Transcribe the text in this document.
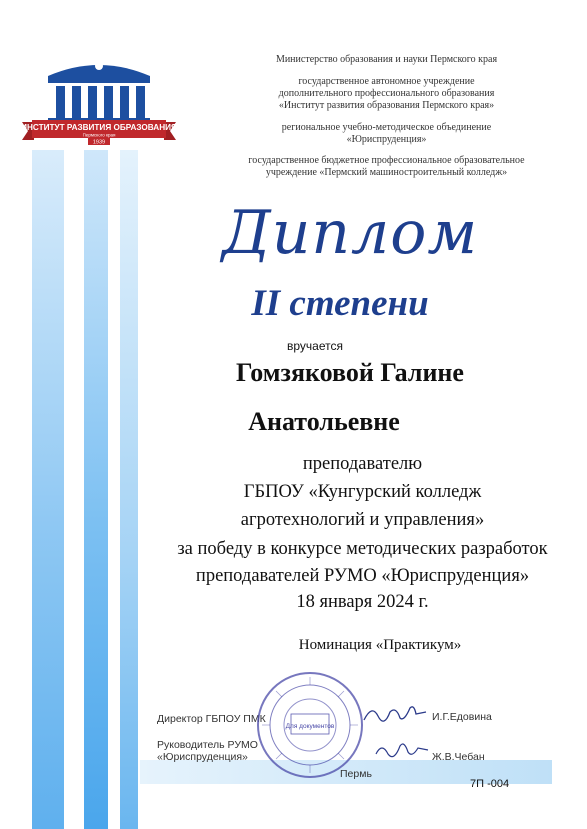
ИНСТИТУТ РАЗВИТИЯ ОБРАЗОВАНИЯ
Пермского края
1939
Министерство образования и науки Пермского края
государственное автономное учреждение
дополнительного профессионального образования
«Институт развития образования Пермского края»
региональное учебно-методическое объединение
«Юриспруденция»
государственное бюджетное профессиональное образовательное
учреждение «Пермский машиностроительный колледж»
Диплом
II степени
вручается
Гомзяковой Галине
Анатольевне
преподавателю
ГБПОУ «Кунгурский колледж
агротехнологий и управления»
за победу в конкурсе методических разработок
преподавателей РУМО «Юриспруденция»
18 января 2024 г.
Номинация «Практикум»
Директор ГБПОУ ПМК	И.Г.Едовина
Руководитель РУМО
«Юриспруденция»	Ж.В.Чебан
Пермь
Для документов
7П -004
